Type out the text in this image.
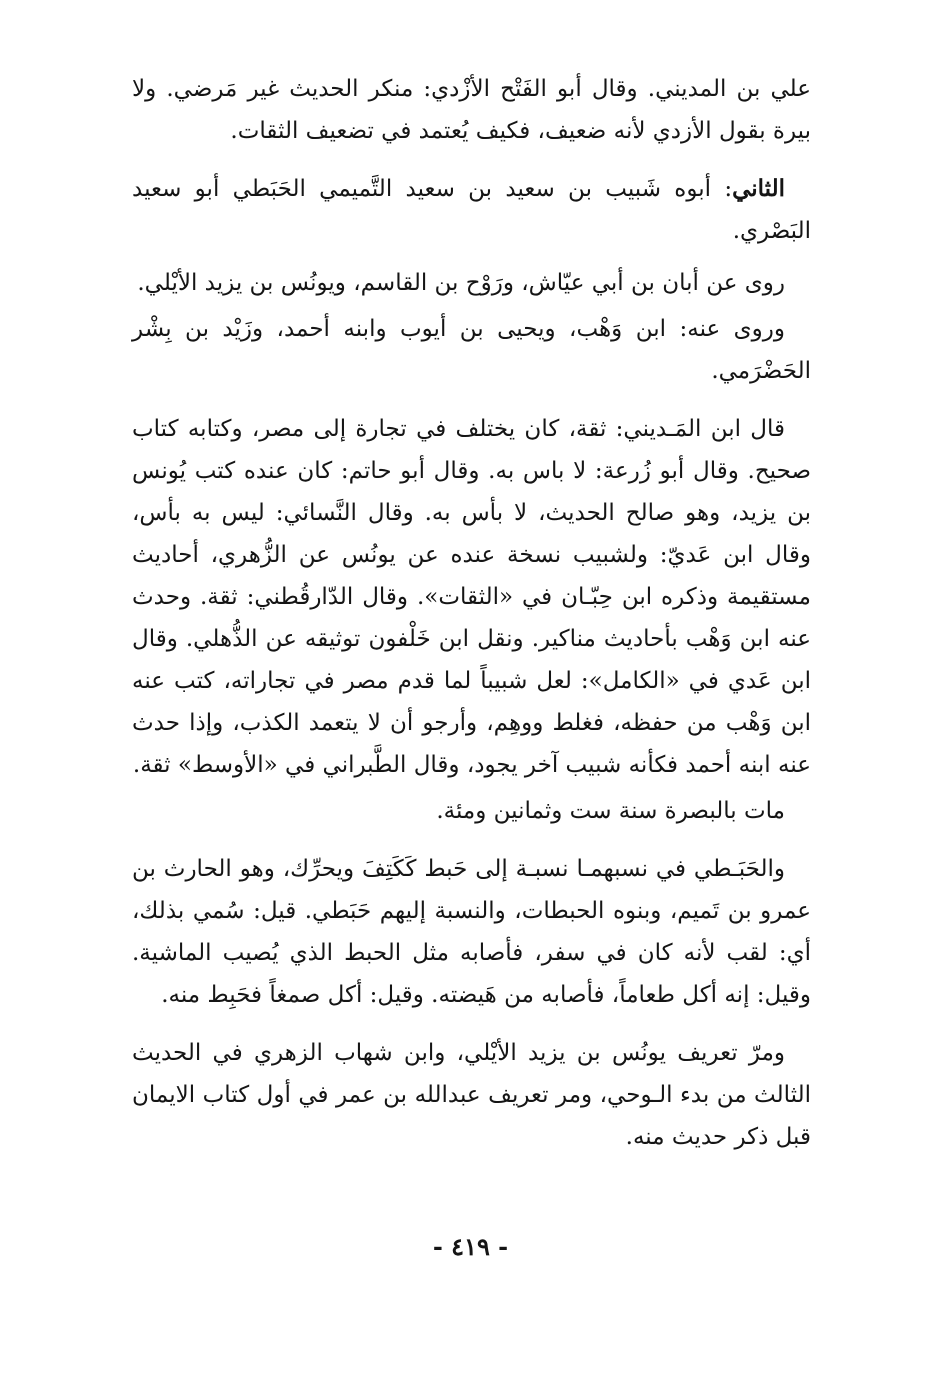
علي بن المديني. وقال أبو الفَتْح الأزْدي: منكر الحديث غير مَرضي. ولا بيرة بقول الأزدي لأنه ضعيف، فكيف يُعتمد في تضعيف الثقات.

الثاني: أبوه شَبيب بن سعيد بن سعيد التَّميمي الحَبَطي أبو سعيد البَصْري.

روى عن أبان بن أبي عيّاش، ورَوْح بن القاسم، ويونُس بن يزيد الأيْلي.

وروى عنه: ابن وَهْب، ويحيى بن أيوب وابنه أحمد، وزَيْد بن بِشْر الحَضْرَمي.

قال ابن المَـديني: ثقة، كان يختلف في تجارة إلى مصر، وكتابه كتاب صحيح. وقال أبو زُرعة: لا باس به. وقال أبو حاتم: كان عنده كتب يُونس بن يزيد، وهو صالح الحديث، لا بأس به. وقال النَّسائي: ليس به بأس، وقال ابن عَديّ: ولشبيب نسخة عنده عن يونُس عن الزُّهري، أحاديث مستقيمة وذكره ابن حِبّـان في «الثقات». وقال الدّارقُطني: ثقة. وحدث عنه ابن وَهْب بأحاديث مناكير. ونقل ابن خَلْفون توثيقه عن الذُّهلي. وقال ابن عَدي في «الكامل»: لعل شبيباً لما قدم مصر في تجاراته، كتب عنه ابن وَهْب من حفظه، فغلط ووهِم، وأرجو أن لا يتعمد الكذب، وإذا حدث عنه ابنه أحمد فكأنه شبيب آخر يجود، وقال الطَّبراني في «الأوسط» ثقة.

مات بالبصرة سنة ست وثمانين ومئة.

والحَبَـطي في نسبهمـا نسبـة إلى حَبط كَكَتِفَ ويحرِّك، وهو الحارث بن عمرو بن تَميم، وبنوه الحبطات، والنسبة إليهم حَبَطي. قيل: سُمي بذلك، أي: لقب لأنه كان في سفر، فأصابه مثل الحبط الذي يُصيب الماشية. وقيل: إنه أكل طعاماً، فأصابه من هَيضته. وقيل: أكل صمغاً فحَبِط منه.

ومرّ تعريف يونُس بن يزيد الأيْلي، وابن شهاب الزهري في الحديث الثالث من بدء الـوحي، ومر تعريف عبدالله بن عمر في أول كتاب الايمان قبل ذكر حديث منه.

- ٤١٩ -
